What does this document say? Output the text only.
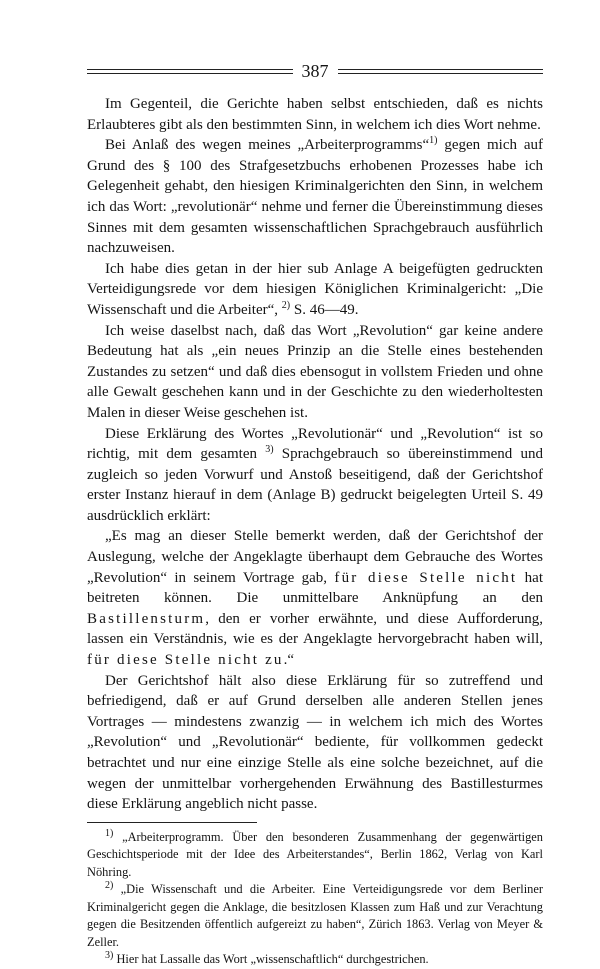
387

Im Gegenteil, die Gerichte haben selbst entschieden, daß es nichts Erlaubteres gibt als den bestimmten Sinn, in welchem ich dies Wort nehme.

Bei Anlaß des wegen meines „Arbeiterprogramms“$^{1)}$ gegen mich auf Grund des § 100 des Strafgesetzbuchs erhobenen Prozesses habe ich Gelegenheit gehabt, den hiesigen Kriminalgerichten den Sinn, in welchem ich das Wort: „revolutionär“ nehme und ferner die Übereinstimmung dieses Sinnes mit dem gesamten wissenschaftlichen Sprachgebrauch ausführlich nachzuweisen.

Ich habe dies getan in der hier sub Anlage A beigefügten gedruckten Verteidigungsrede vor dem hiesigen Königlichen Kriminalgericht: „Die Wissenschaft und die Arbeiter“, $^{2)}$ S. 46—49.

Ich weise daselbst nach, daß das Wort „Revolution“ gar keine andere Bedeutung hat als „ein neues Prinzip an die Stelle eines bestehenden Zustandes zu setzen“ und daß dies ebensogut in vollstem Frieden und ohne alle Gewalt geschehen kann und in der Geschichte zu den wiederholtesten Malen in dieser Weise geschehen ist.

Diese Erklärung des Wortes „Revolutionär“ und „Revolution“ ist so richtig, mit dem gesamten $^{3)}$ Sprachgebrauch so übereinstimmend und zugleich so jeden Vorwurf und Anstoß beseitigend, daß der Gerichtshof erster Instanz hierauf in dem (Anlage B) gedruckt beigelegten Urteil S. 49 ausdrücklich erklärt:

„Es mag an dieser Stelle bemerkt werden, daß der Gerichtshof der Auslegung, welche der Angeklagte überhaupt dem Gebrauche des Wortes „Revolution“ in seinem Vortrage gab, für diese Stelle nicht hat beitreten können. Die unmittelbare Anknüpfung an den Bastillensturm, den er vorher erwähnte, und diese Aufforderung, lassen ein Verständnis, wie es der Angeklagte hervorgebracht haben will, für diese Stelle nicht zu.“

Der Gerichtshof hält also diese Erklärung für so zutreffend und befriedigend, daß er auf Grund derselben alle anderen Stellen jenes Vortrages — mindestens zwanzig — in welchem ich mich des Wortes „Revolution“ und „Revolutionär“ bediente, für vollkommen gedeckt betrachtet und nur eine einzige Stelle als eine solche bezeichnet, auf die wegen der unmittelbar vorhergehenden Erwähnung des Bastillesturmes diese Erklärung angeblich nicht passe.

$^{1)}$ „Arbeiterprogramm. Über den besonderen Zusammenhang der gegenwärtigen Geschichtsperiode mit der Idee des Arbeiterstandes“, Berlin 1862, Verlag von Karl Nöhring.

$^{2)}$ „Die Wissenschaft und die Arbeiter. Eine Verteidigungsrede vor dem Berliner Kriminalgericht gegen die Anklage, die besitzlosen Klassen zum Haß und zur Verachtung gegen die Besitzenden öffentlich aufgereizt zu haben“, Zürich 1863. Verlag von Meyer & Zeller.

$^{3)}$ Hier hat Lassalle das Wort „wissenschaftlich“ durchgestrichen.
